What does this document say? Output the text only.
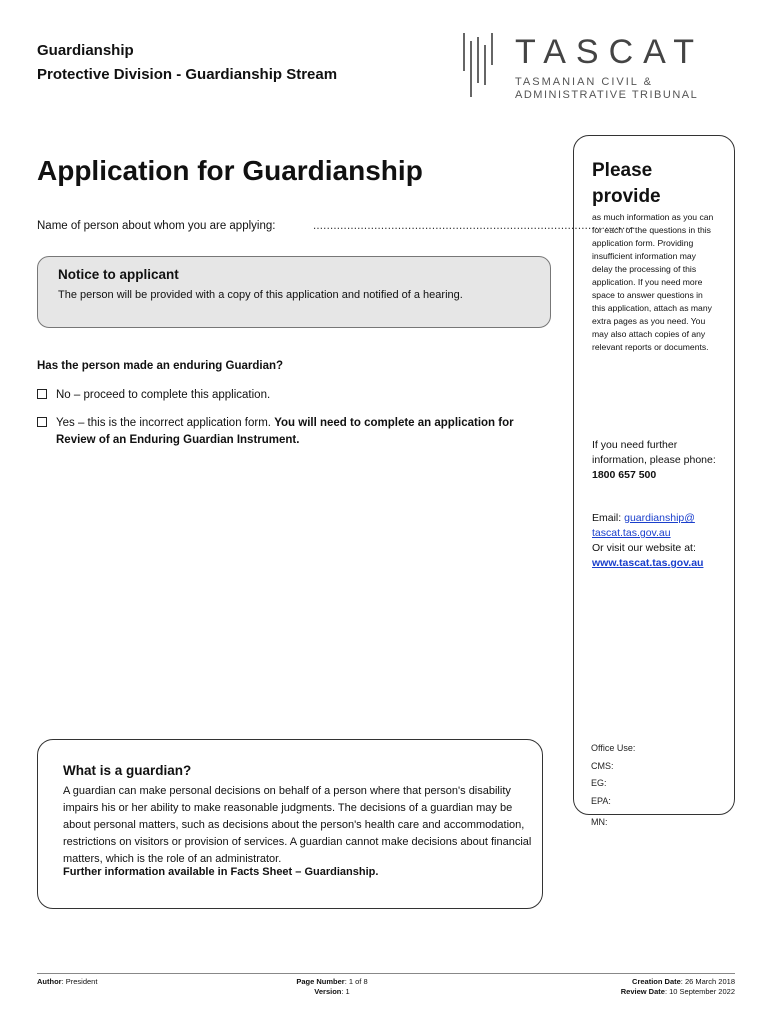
Guardianship
Protective Division - Guardianship Stream
TASCAT
TASMANIAN CIVIL &
ADMINISTRATIVE TRIBUNAL
Application for Guardianship
Name of person about whom you are applying:	...............................................................................................
Notice to applicant
The person will be provided with a copy of this application and notified of a hearing.
Has the person made an enduring Guardian?
No – proceed to complete this application.
Yes – this is the incorrect application form. You will need to complete an application for
Review of an Enduring Guardian Instrument.
Please provide
as much information as you can for each of the questions in this application form. Providing insufficient information may delay the processing of this application. If you need more space to answer questions in this application, attach as many extra pages as you need. You may also attach copies of any relevant reports or documents.
If you need further information, please phone:
1800 657 500
Email: guardianship@
tascat.tas.gov.au
Or visit our website at:
www.tascat.tas.gov.au
Office Use:
CMS:
EG:
EPA:
MN:
What is a guardian?
A guardian can make personal decisions on behalf of a person where that person's disability impairs his or her ability to make reasonable judgments. The decisions of a guardian may be about personal matters, such as decisions about the person's health care and accommodation, restrictions on visitors or provision of services. A guardian cannot make decisions about financial matters, which is the role of an administrator.
Further information available in Facts Sheet – Guardianship.
Author: President	Page Number: 1 of 8
Version: 1
Creation Date: 26 March 2018
Review Date: 10 September 2022
